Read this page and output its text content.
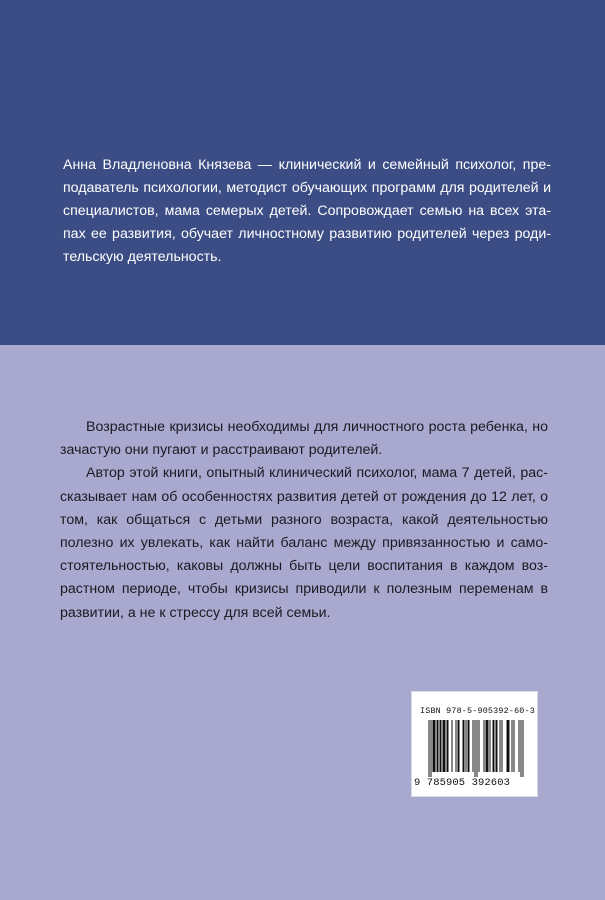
Анна Владленовна Князева — клинический и семейный психолог, преподаватель психологии, методист обучающих программ для родителей и специалистов, мама семерых детей. Сопровождает семью на всех этапах ее развития, обучает личностному развитию родителей через родительскую деятельность.

Возрастные кризисы необходимы для личностного роста ребенка, но зачастую они пугают и расстраивают родителей.

Автор этой книги, опытный клинический психолог, мама 7 детей, рассказывает нам об особенностях развития детей от рождения до 12 лет, о том, как общаться с детьми разного возраста, какой деятельностью полезно их увлекать, как найти баланс между привязанностью и самостоятельностью, каковы должны быть цели воспитания в каждом возрастном периоде, чтобы кризисы приводили к полезным переменам в развитии, а не к стрессу для всей семьи.

ISBN 978-5-905392-60-3
9 785905 392603
